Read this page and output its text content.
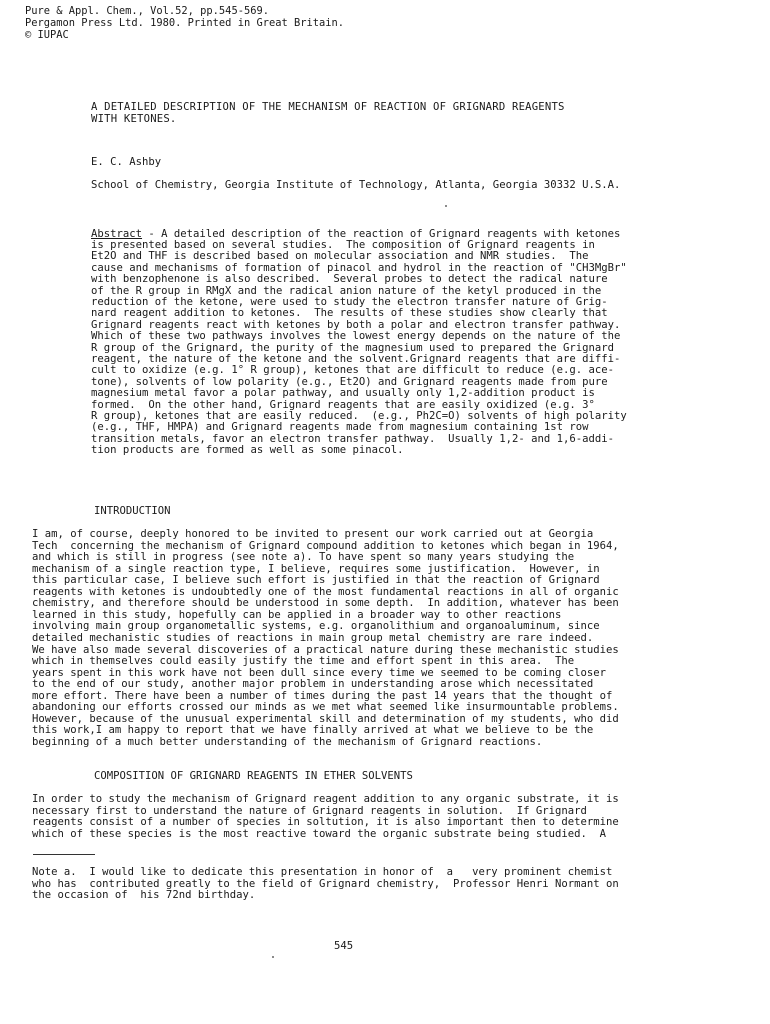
Pure & Appl. Chem., Vol.52, pp.545-569.
Pergamon Press Ltd. 1980. Printed in Great Britain.
© IUPAC
A DETAILED DESCRIPTION OF THE MECHANISM OF REACTION OF GRIGNARD REAGENTS
WITH KETONES.
E. C. Ashby
School of Chemistry, Georgia Institute of Technology, Atlanta, Georgia 30332 U.S.A.
Abstract - A detailed description of the reaction of Grignard reagents with ketones
is presented based on several studies.  The composition of Grignard reagents in
Et2O and THF is described based on molecular association and NMR studies.  The
cause and mechanisms of formation of pinacol and hydrol in the reaction of "CH3MgBr"
with benzophenone is also described.  Several probes to detect the radical nature
of the R group in RMgX and the radical anion nature of the ketyl produced in the
reduction of the ketone, were used to study the electron transfer nature of Grig-
nard reagent addition to ketones.  The results of these studies show clearly that
Grignard reagents react with ketones by both a polar and electron transfer pathway.
Which of these two pathways involves the lowest energy depends on the nature of the
R group of the Grignard, the purity of the magnesium used to prepared the Grignard
reagent, the nature of the ketone and the solvent.Grignard reagents that are diffi-
cult to oxidize (e.g. 1° R group), ketones that are difficult to reduce (e.g. ace-
tone), solvents of low polarity (e.g., Et2O) and Grignard reagents made from pure
magnesium metal favor a polar pathway, and usually only 1,2-addition product is
formed.  On the other hand, Grignard reagents that are easily oxidized (e.g. 3°
R group), ketones that are easily reduced.  (e.g., Ph2C=O) solvents of high polarity
(e.g., THF, HMPA) and Grignard reagents made from magnesium containing 1st row
transition metals, favor an electron transfer pathway.  Usually 1,2- and 1,6-addi-
tion products are formed as well as some pinacol.
INTRODUCTION
I am, of course, deeply honored to be invited to present our work carried out at Georgia
Tech  concerning the mechanism of Grignard compound addition to ketones which began in 1964,
and which is still in progress (see note a). To have spent so many years studying the
mechanism of a single reaction type, I believe, requires some justification.  However, in
this particular case, I believe such effort is justified in that the reaction of Grignard
reagents with ketones is undoubtedly one of the most fundamental reactions in all of organic
chemistry, and therefore should be understood in some depth.  In addition, whatever has been
learned in this study, hopefully can be applied in a broader way to other reactions
involving main group organometallic systems, e.g. organolithium and organoaluminum, since
detailed mechanistic studies of reactions in main group metal chemistry are rare indeed.
We have also made several discoveries of a practical nature during these mechanistic studies
which in themselves could easily justify the time and effort spent in this area.  The
years spent in this work have not been dull since every time we seemed to be coming closer
to the end of our study, another major problem in understanding arose which necessitated
more effort. There have been a number of times during the past 14 years that the thought of
abandoning our efforts crossed our minds as we met what seemed like insurmountable problems.
However, because of the unusual experimental skill and determination of my students, who did
this work,I am happy to report that we have finally arrived at what we believe to be the
beginning of a much better understanding of the mechanism of Grignard reactions.
COMPOSITION OF GRIGNARD REAGENTS IN ETHER SOLVENTS
In order to study the mechanism of Grignard reagent addition to any organic substrate, it is
necessary first to understand the nature of Grignard reagents in solution.  If Grignard
reagents consist of a number of species in soltution, it is also important then to determine
which of these species is the most reactive toward the organic substrate being studied.  A
Note a.  I would like to dedicate this presentation in honor of  a   very prominent chemist
who has  contributed greatly to the field of Grignard chemistry,  Professor Henri Normant on
the occasion of  his 72nd birthday.
545
